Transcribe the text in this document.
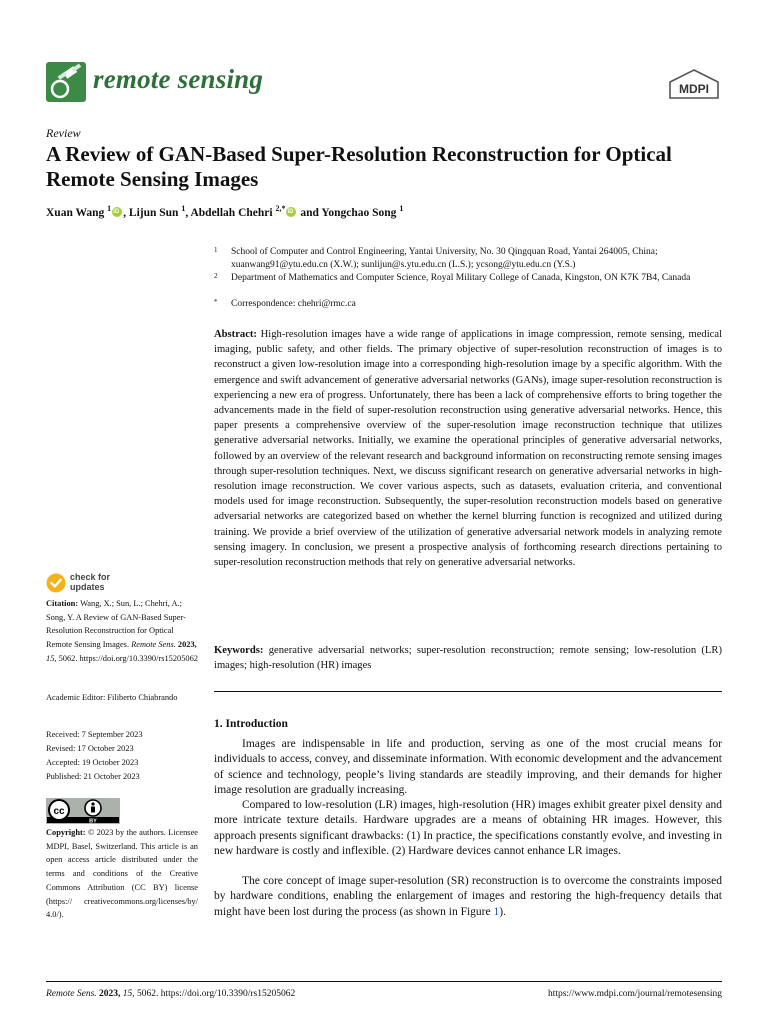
remote sensing	MDPI
Review
A Review of GAN-Based Super-Resolution Reconstruction for Optical Remote Sensing Images
Xuan Wang $^1$iD , Lijun Sun $^1$, Abdellah Chehri $^{2,*}$iD and Yongchao Song $^1$
1 School of Computer and Control Engineering, Yantai University, No. 30 Qingquan Road, Yantai 264005, China; xuanwang91@ytu.edu.cn (X.W.); sunlijun@s.ytu.edu.cn (L.S.); ycsong@ytu.edu.cn (Y.S.)
2 Department of Mathematics and Computer Science, Royal Military College of Canada, Kingston, ON K7K 7B4, Canada
* Correspondence: chehri@rmc.ca
Abstract: High-resolution images have a wide range of applications in image compression, remote sensing, medical imaging, public safety, and other fields. The primary objective of super-resolution reconstruction of images is to reconstruct a given low-resolution image into a corresponding high-resolution image by a specific algorithm. With the emergence and swift advancement of generative adversarial networks (GANs), image super-resolution reconstruction is experiencing a new era of progress. Unfortunately, there has been a lack of comprehensive efforts to bring together the advancements made in the field of super-resolution reconstruction using generative adversarial networks. Hence, this paper presents a comprehensive overview of the super-resolution image reconstruction technique that utilizes generative adversarial networks. Initially, we examine the operational principles of generative adversarial networks, followed by an overview of the relevant research and background information on reconstructing remote sensing images through super-resolution techniques. Next, we discuss significant research on generative adversarial networks in high-resolution image reconstruction. We cover various aspects, such as datasets, evaluation criteria, and conventional models used for image reconstruction. Subsequently, the super-resolution reconstruction models based on generative adversarial networks are categorized based on whether the kernel blurring function is recognized and utilized during training. We provide a brief overview of the utilization of generative adversarial network models in analyzing remote sensing imagery. In conclusion, we present a prospective analysis of forthcoming research directions pertaining to super-resolution reconstruction methods that rely on generative adversarial networks.
Keywords: generative adversarial networks; super-resolution reconstruction; remote sensing; low-resolution (LR) images; high-resolution (HR) images
1. Introduction
Images are indispensable in life and production, serving as one of the most crucial means for individuals to access, convey, and disseminate information. With economic development and the advancement of science and technology, people’s living standards are steadily improving, and their demands for higher image resolution are gradually increasing.
Compared to low-resolution (LR) images, high-resolution (HR) images exhibit greater pixel density and more intricate texture details. Hardware upgrades are a means of obtaining HR images. However, this approach presents significant drawbacks: (1) In practice, the specifications constantly evolve, and investing in new hardware is costly and inflexible. (2) Hardware devices cannot enhance LR images.
The core concept of image super-resolution (SR) reconstruction is to overcome the constraints imposed by hardware conditions, enabling the enlargement of images and restoring the high-frequency details that might have been lost during the process (as shown in Figure 1).
check for
updates
Citation: Wang, X.; Sun, L.; Chehri, A.; Song, Y. A Review of GAN-Based Super-Resolution Reconstruction for Optical Remote Sensing Images. Remote Sens. 2023, 15, 5062. https://doi.org/10.3390/rs15205062
Academic Editor: Filiberto Chiabrando
Received: 7 September 2023
Revised: 17 October 2023
Accepted: 19 October 2023
Published: 21 October 2023
cc
BY
Copyright: © 2023 by the authors. Licensee MDPI, Basel, Switzerland. This article is an open access article distributed under the terms and conditions of the Creative Commons Attribution (CC BY) license (https:// creativecommons.org/licenses/by/ 4.0/).
Remote Sens. 2023, 15, 5062. https://doi.org/10.3390/rs15205062	https://www.mdpi.com/journal/remotesensing
